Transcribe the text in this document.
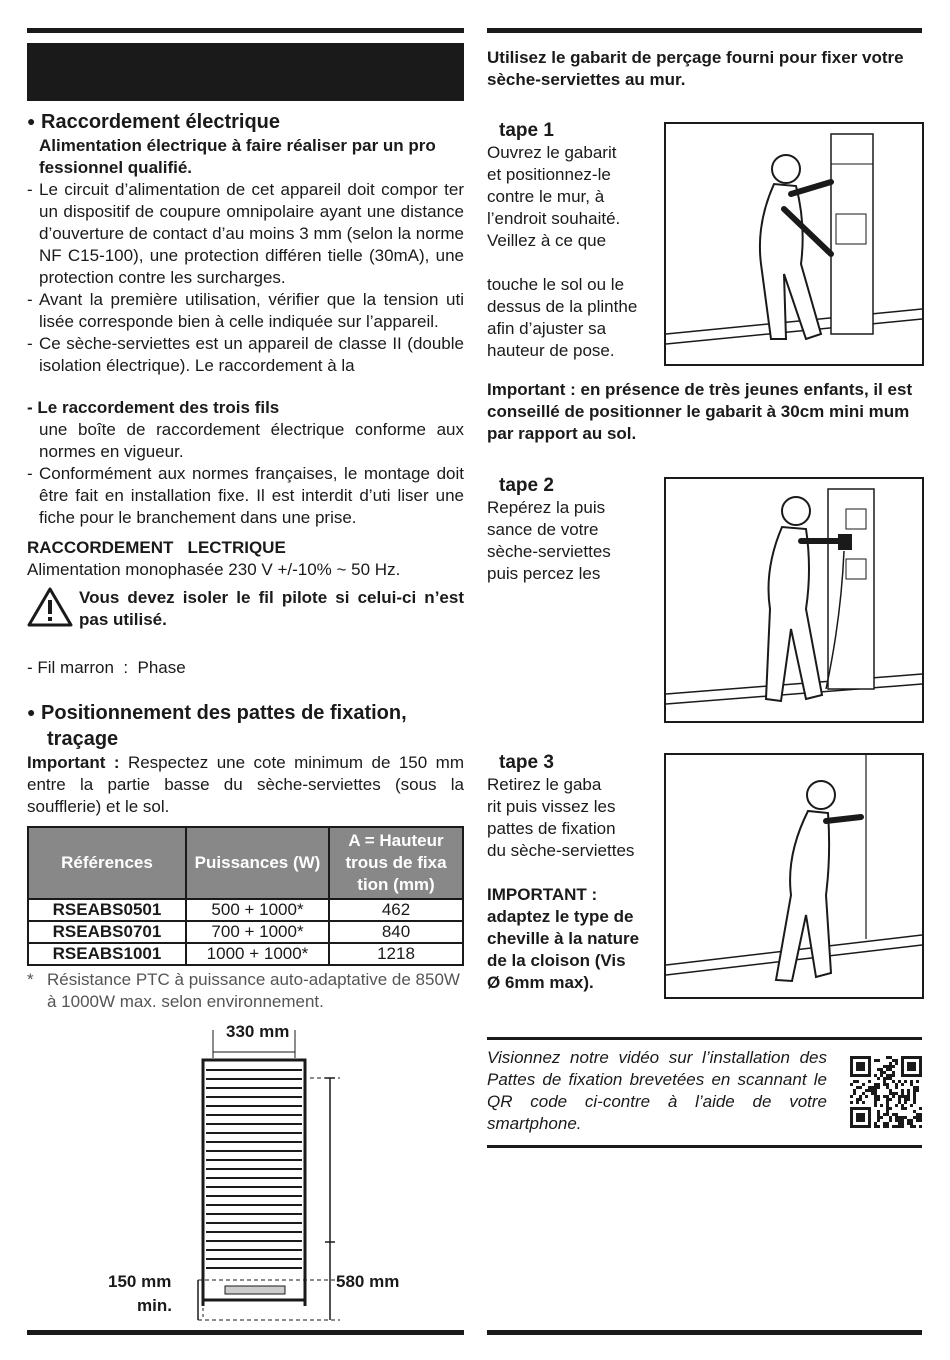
● Raccordement électrique
Alimentation électrique à faire réaliser par un pro fessionnel qualifié.
- Le circuit d’alimentation de cet appareil doit compor ter un dispositif de coupure omnipolaire ayant une distance d’ouverture de contact d’au moins 3 mm (selon la norme NF C15-100), une protection différen tielle (30mA), une protection contre les surcharges.
- Avant la première utilisation, vérifier que la tension uti lisée corresponde bien à celle indiquée sur l’appareil.
- Ce sèche-serviettes est un appareil de classe II (double isolation électrique). Le raccordement à la
- Le raccordement des trois fils
une boîte de raccordement électrique conforme aux normes en vigueur.
- Conformément aux normes françaises, le montage doit être fait en installation fixe. Il est interdit d’uti liser une fiche pour le branchement dans une prise.
RACCORDEMENT   LECTRIQUE
Alimentation monophasée 230 V +/-10% ~ 50 Hz.
Vous devez isoler le fil pilote si celui-ci n’est pas utilisé.
- Fil marron  :  Phase
● Positionnement des pattes de fixation,
traçage
Important : Respectez une cote minimum de 150 mm entre la partie basse du sèche-serviettes (sous la soufflerie) et le sol.
Références	Puissances (W)	A = Hauteur trous de fixa tion (mm)
RSEABS0501	500 + 1000*	462
RSEABS0701	700 + 1000*	840
RSEABS1001	1000 + 1000*	1218
* Résistance PTC à puissance auto-adaptative de 850W à 1000W max. selon environnement.
330 mm
150 mm
min.
580 mm
Utilisez le gabarit de perçage fourni pour fixer votre sèche-serviettes au mur.
tape 1
Ouvrez le gabarit
et positionnez-le
contre le mur, à
l’endroit souhaité.
Veillez à ce que
touche le sol ou le
dessus de la plinthe
afin d’ajuster sa
hauteur de pose.
Important : en présence de très jeunes enfants, il est conseillé de positionner le gabarit à 30cm mini mum par rapport au sol.
tape 2
Repérez la puis
sance de votre
sèche-serviettes
puis percez les
tape 3
Retirez le gaba
rit puis vissez les
pattes de fixation
du sèche-serviettes
IMPORTANT :
adaptez le type de
cheville à la nature
de la cloison (Vis
Ø 6mm max).
Visionnez notre vidéo sur l’installation des Pattes de fixation brevetées en scannant le QR code ci-contre à l’aide de votre smartphone.
